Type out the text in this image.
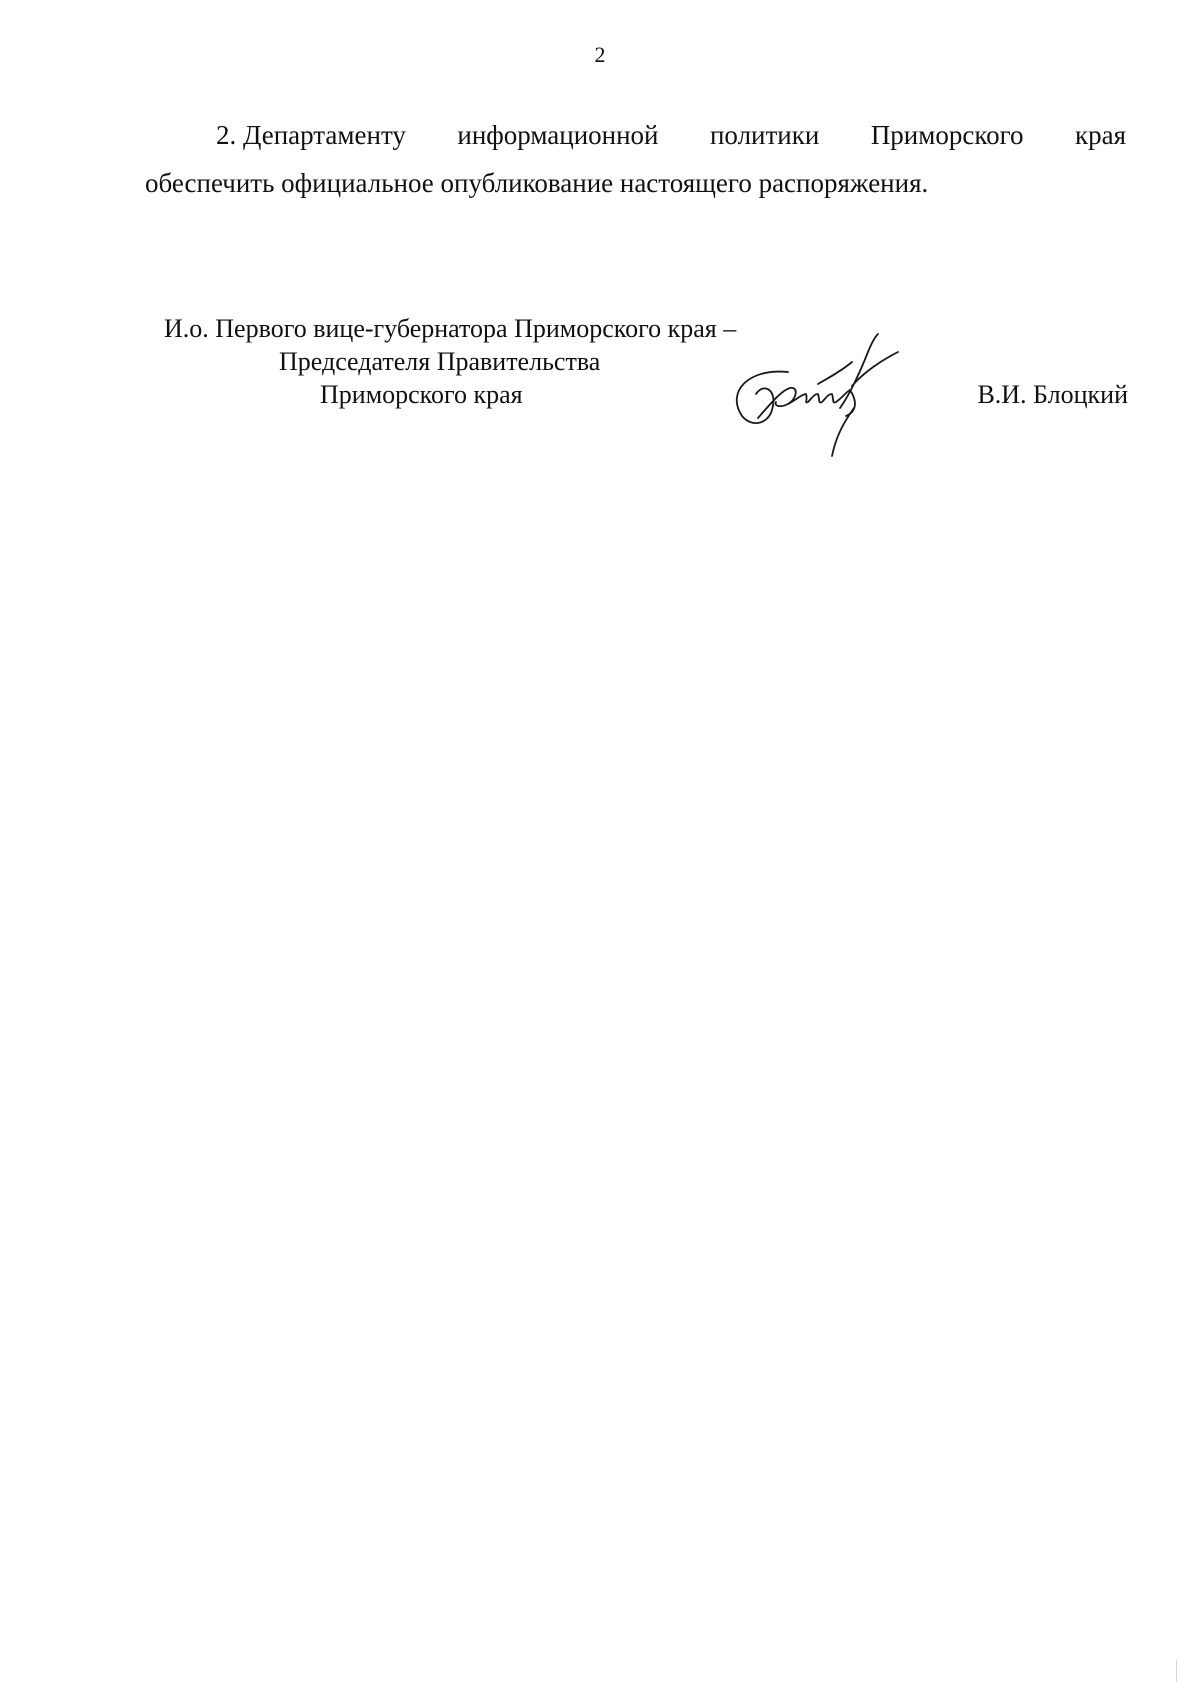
2
2. Департаменту информационной политики Приморского края
обеспечить официальное опубликование настоящего распоряжения.
И.о. Первого вице-губернатора Приморского края –
Председателя Правительства
Приморского края	В.И. Блоцкий
